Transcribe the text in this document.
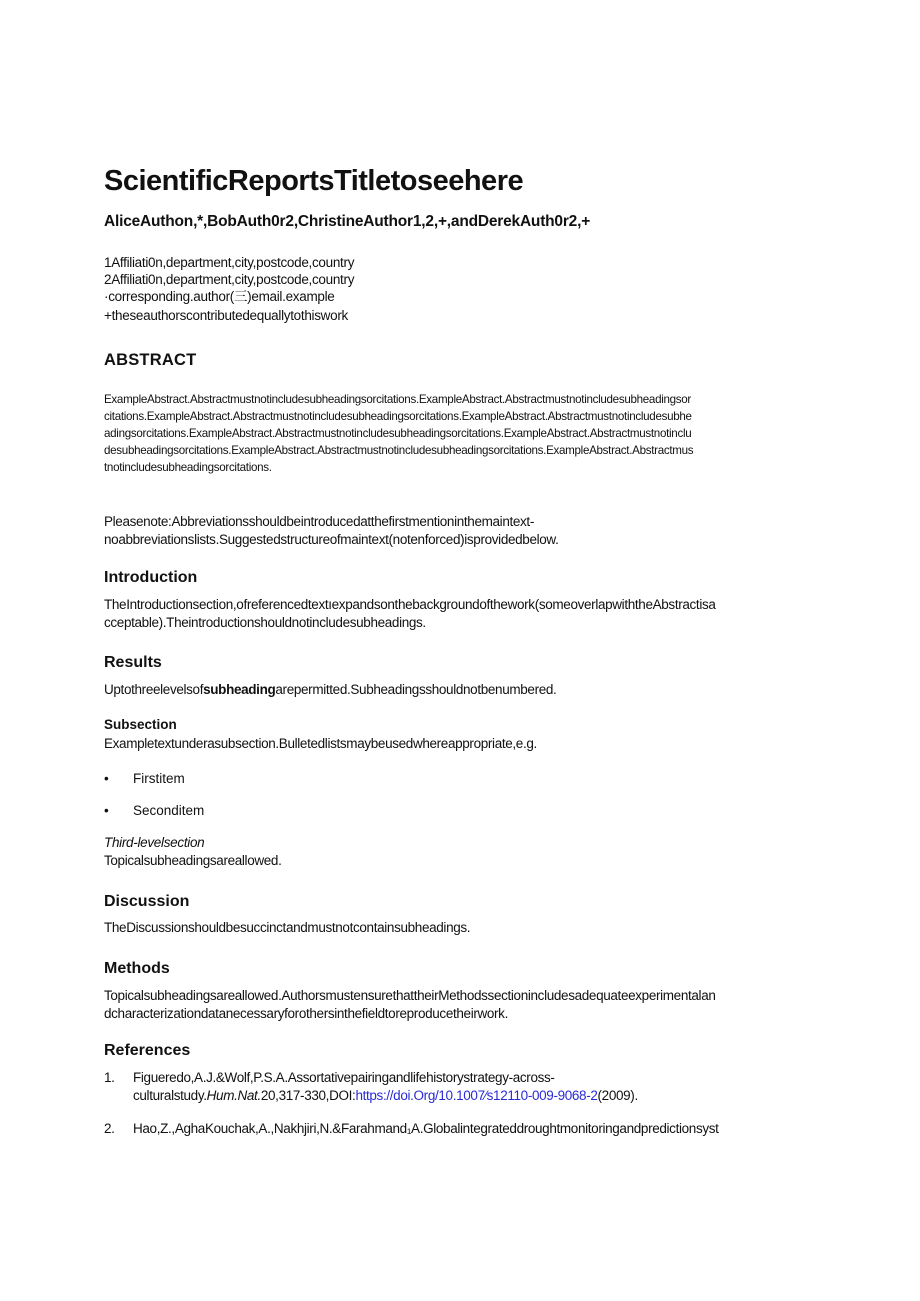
ScientificReportsTitletoseehere
AliceAuthon,*,BobAuth0r2,ChristineAuthor1,2,+,andDerekAuth0r2,+
1Affiliati0n,department,city,postcode,country
2Affiliati0n,department,city,postcode,country
·corresponding.author(三)email.example
+theseauthorscontributedequallytothiswork
ABSTRACT
ExampleAbstract.Abstractmustnotincludesubheadingsorcitations.ExampleAbstract.Abstractmustnotincludesubheadingsor
citations.ExampleAbstract.Abstractmustnotincludesubheadingsorcitations.ExampleAbstract.Abstractmustnotincludesubhe
adingsorcitations.ExampleAbstract.Abstractmustnotincludesubheadingsorcitations.ExampleAbstract.Abstractmustnotinclu
desubheadingsorcitations.ExampleAbstract.Abstractmustnotincludesubheadingsorcitations.ExampleAbstract.Abstractmus
tnotincludesubheadingsorcitations.
Pleasenote:Abbreviationsshouldbeintroducedatthefirstmentioninthemaintext-
noabbreviationslists.Suggestedstructureofmaintext(notenforced)isprovidedbelow.
Introduction
TheIntroductionsection,ofreferencedtextıexpandsonthebackgroundofthework(someoverlapwiththeAbstractisa
cceptable).Theintroductionshouldnotincludesubheadings.
Results
Uptothreelevelsofsubheadingarepermitted.Subheadingsshouldnotbenumbered.
Subsection
Exampletextunderasubsection.Bulletedlistsmaybeusedwhereappropriate,e.g.
• Firstitem
• Seconditem
Third-levelsection
Topicalsubheadingsareallowed.
Discussion
TheDiscussionshouldbesuccinctandmustnotcontainsubheadings.
Methods
Topicalsubheadingsareallowed.AuthorsmustensurethattheirMethodssectionincludesadequateexperimentalan
dcharacterizationdatanecessaryforothersinthefieldtoreproducetheirwork.
References
1. Figueredo,A.J.&Wolf,P.S.A.Assortativepairingandlifehistorystrategy-across-
culturalstudy.Hum.Nat.20,317-330,DOI:https://doi.Org/10.1007⁄s12110-009-9068-2(2009).
2. Hao,Z.,AghaKouchak,A.,Nakhjiri,N.&Farahmand₁A.Globalintegrateddroughtmonitoringandpredictionsyst
